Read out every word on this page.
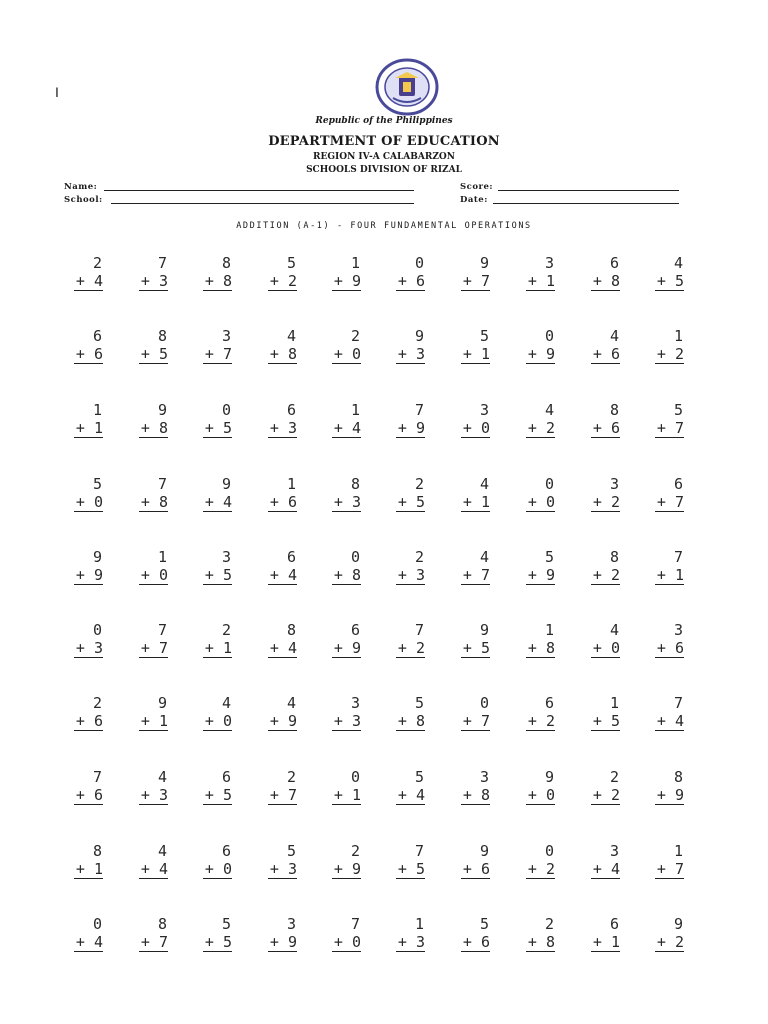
I
Republic of the Philippines
DEPARTMENT OF EDUCATION
REGION IV-A CALABARZON
SCHOOLS DIVISION OF RIZAL
Name:
School:
Score:
Date:
ADDITION (A-1) - FOUR FUNDAMENTAL OPERATIONS
2
+ 4
7
+ 3
8
+ 8
5
+ 2
1
+ 9
0
+ 6
9
+ 7
3
+ 1
6
+ 8
4
+ 5
6
+ 6
8
+ 5
3
+ 7
4
+ 8
2
+ 0
9
+ 3
5
+ 1
0
+ 9
4
+ 6
1
+ 2
1
+ 1
9
+ 8
0
+ 5
6
+ 3
1
+ 4
7
+ 9
3
+ 0
4
+ 2
8
+ 6
5
+ 7
5
+ 0
7
+ 8
9
+ 4
1
+ 6
8
+ 3
2
+ 5
4
+ 1
0
+ 0
3
+ 2
6
+ 7
9
+ 9
1
+ 0
3
+ 5
6
+ 4
0
+ 8
2
+ 3
4
+ 7
5
+ 9
8
+ 2
7
+ 1
0
+ 3
7
+ 7
2
+ 1
8
+ 4
6
+ 9
7
+ 2
9
+ 5
1
+ 8
4
+ 0
3
+ 6
2
+ 6
9
+ 1
4
+ 0
4
+ 9
3
+ 3
5
+ 8
0
+ 7
6
+ 2
1
+ 5
7
+ 4
7
+ 6
4
+ 3
6
+ 5
2
+ 7
0
+ 1
5
+ 4
3
+ 8
9
+ 0
2
+ 2
8
+ 9
8
+ 1
4
+ 4
6
+ 0
5
+ 3
2
+ 9
7
+ 5
9
+ 6
0
+ 2
3
+ 4
1
+ 7
0
+ 4
8
+ 7
5
+ 5
3
+ 9
7
+ 0
1
+ 3
5
+ 6
2
+ 8
6
+ 1
9
+ 2
